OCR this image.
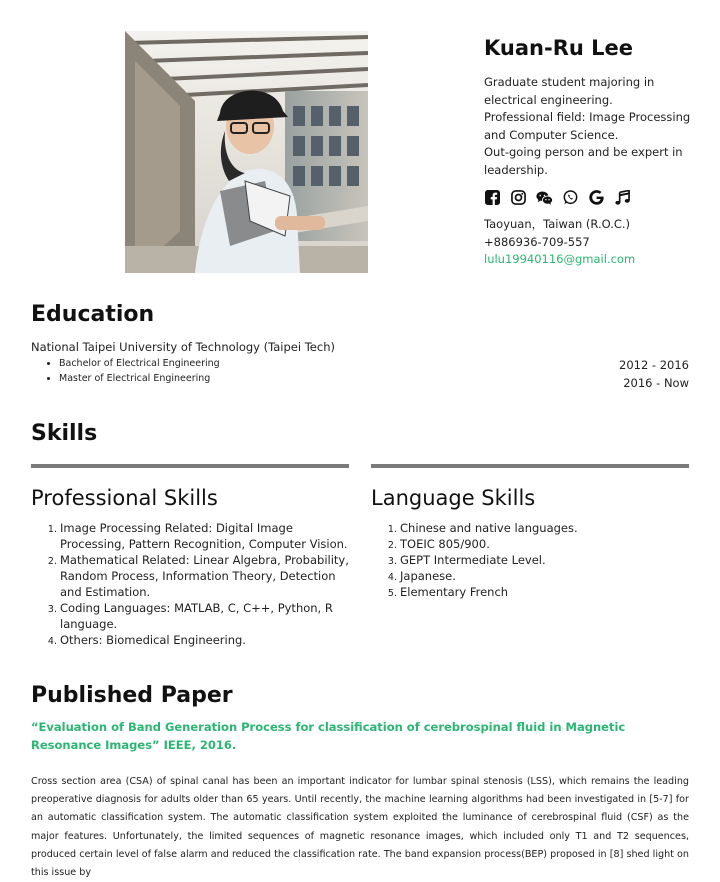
Kuan-Ru Lee

Graduate student majoring in electrical engineering.

Professional field: Image Processing and Computer Science.

Out-going person and be expert in leadership.

Taoyuan，Taiwan (R.O.C.)

+886936-709-557

lulu19940116@gmail.com

Education
National Taipei University of Technology (Taipei Tech)
• Bachelor of Electrical Engineering
• Master of Electrical Engineering
2012 - 2016
2016 - Now
Skills
Professional Skills
1. Image Processing Related: Digital Image Processing, Pattern Recognition, Computer Vision.
2. Mathematical Related: Linear Algebra, Probability, Random Process, Information Theory, Detection and Estimation.
3. Coding Languages: MATLAB, C, C++, Python, R language.
4. Others: Biomedical Engineering.
Language Skills
1. Chinese and native languages.
2. TOEIC 805/900.
3. GEPT Intermediate Level.
4. Japanese.
5. Elementary French
Published Paper
“Evaluation of Band Generation Process for classification of cerebrospinal fluid in Magnetic Resonance Images” IEEE, 2016.

Cross section area (CSA) of spinal canal has been an important indicator for lumbar spinal stenosis (LSS), which remains the leading preoperative diagnosis for adults older than 65 years. Until recently, the machine learning algorithms had been investigated in [5-7] for an automatic classification system. The automatic classification system exploited the luminance of cerebrospinal fluid (CSF) as the major features. Unfortunately, the limited sequences of magnetic resonance images, which included only T1 and T2 sequences, produced certain level of false alarm and reduced the classification rate. The band expansion process(BEP) proposed in [8] shed light on this issue by
